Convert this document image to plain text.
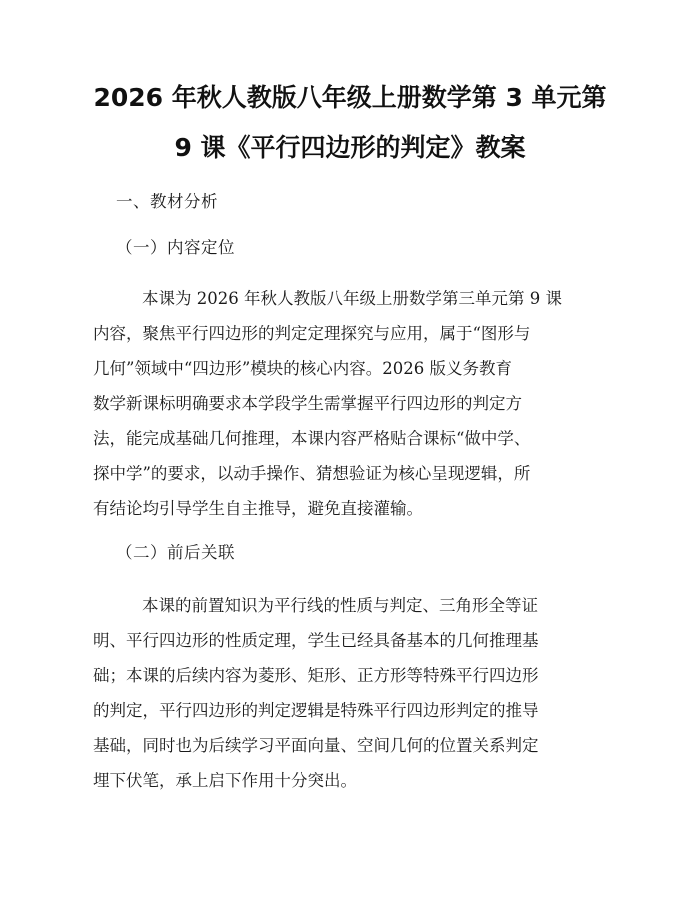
2026 年秋人教版八年级上册数学第 3 单元第
9 课《平行四边形的判定》教案
一、教材分析
（一）内容定位
本课为 2026 年秋人教版八年级上册数学第三单元第 9 课
内容，聚焦平行四边形的判定定理探究与应用，属于“图形与
几何”领域中“四边形”模块的核心内容。2026 版义务教育
数学新课标明确要求本学段学生需掌握平行四边形的判定方
法，能完成基础几何推理，本课内容严格贴合课标“做中学、
探中学”的要求，以动手操作、猜想验证为核心呈现逻辑，所
有结论均引导学生自主推导，避免直接灌输。
（二）前后关联
本课的前置知识为平行线的性质与判定、三角形全等证
明、平行四边形的性质定理，学生已经具备基本的几何推理基
础；本课的后续内容为菱形、矩形、正方形等特殊平行四边形
的判定，平行四边形的判定逻辑是特殊平行四边形判定的推导
基础，同时也为后续学习平面向量、空间几何的位置关系判定
埋下伏笔，承上启下作用十分突出。
